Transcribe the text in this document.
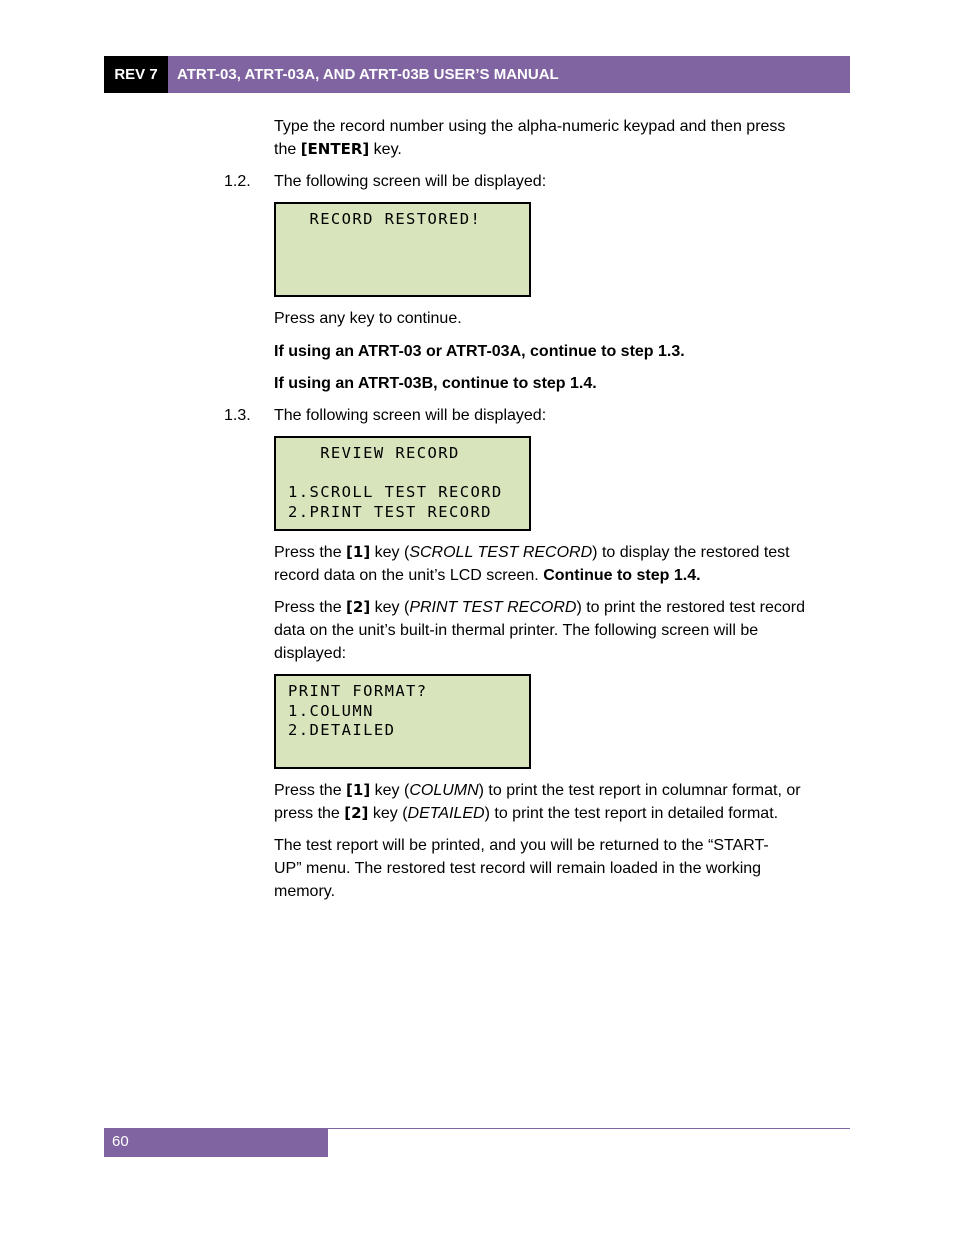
REV 7	ATRT-03, ATRT-03A, AND ATRT-03B USER’S MANUAL
Type the record number using the alpha-numeric keypad and then press
the [ENTER] key.
1.2. The following screen will be displayed:
RECORD RESTORED!
Press any key to continue.
If using an ATRT-03 or ATRT-03A, continue to step 1.3.
If using an ATRT-03B, continue to step 1.4.
1.3. The following screen will be displayed:
REVIEW RECORD
1.SCROLL TEST RECORD
2.PRINT TEST RECORD
Press the [1] key (SCROLL TEST RECORD) to display the restored test
record data on the unit’s LCD screen. Continue to step 1.4.
Press the [2] key (PRINT TEST RECORD) to print the restored test record
data on the unit’s built-in thermal printer. The following screen will be
displayed:
PRINT FORMAT?
1.COLUMN
2.DETAILED
Press the [1] key (COLUMN) to print the test report in columnar format, or
press the [2] key (DETAILED) to print the test report in detailed format.
The test report will be printed, and you will be returned to the “START-
UP” menu. The restored test record will remain loaded in the working
memory.
60
